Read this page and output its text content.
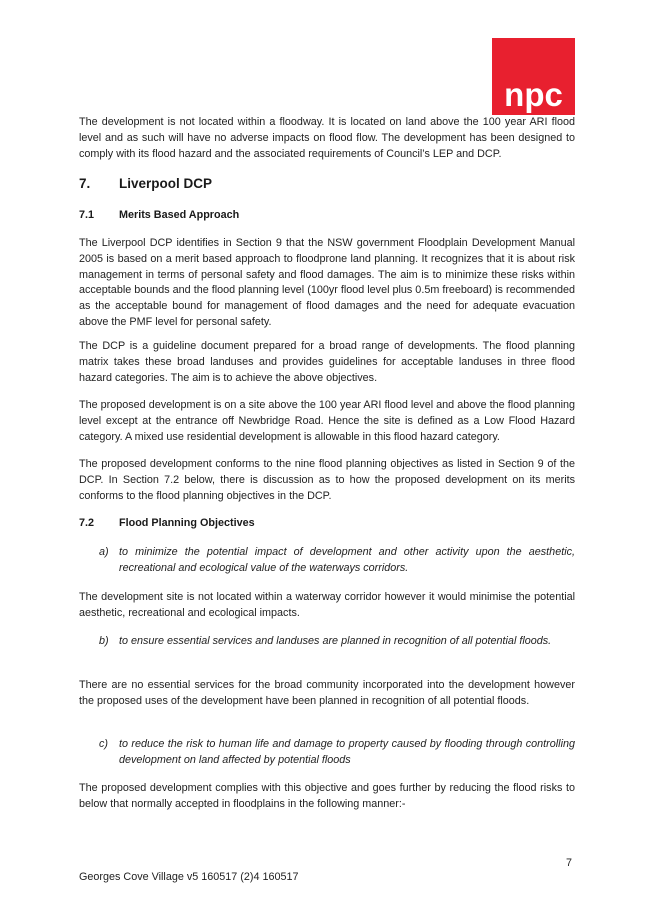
npc

The development is not located within a floodway. It is located on land above the 100 year ARI flood level and as such will have no adverse impacts on flood flow. The development has been designed to comply with its flood hazard and the associated requirements of Council’s LEP and DCP.

7. Liverpool DCP
7.1 Merits Based Approach

The Liverpool DCP identifies in Section 9 that the NSW government Floodplain Development Manual 2005 is based on a merit based approach to floodprone land planning. It recognizes that it is about risk management in terms of personal safety and flood damages. The aim is to minimize these risks within acceptable bounds and the flood planning level (100yr flood level plus 0.5m freeboard) is recommended as the acceptable bound for management of flood damages and the need for adequate evacuation above the PMF level for personal safety.

The DCP is a guideline document prepared for a broad range of developments. The flood planning matrix takes these broad landuses and provides guidelines for acceptable landuses in three flood hazard categories. The aim is to achieve the above objectives.

The proposed development is on a site above the 100 year ARI flood level and above the flood planning level except at the entrance off Newbridge Road. Hence the site is defined as a Low Flood Hazard category. A mixed use residential development is allowable in this flood hazard category.

The proposed development conforms to the nine flood planning objectives as listed in Section 9 of the DCP. In Section 7.2 below, there is discussion as to how the proposed development on its merits conforms to the flood planning objectives in the DCP.

7.2 Flood Planning Objectives
a) to minimize the potential impact of development and other activity upon the aesthetic, recreational and ecological value of the waterways corridors.

The development site is not located within a waterway corridor however it would minimise the potential aesthetic, recreational and ecological impacts.

b) to ensure essential services and landuses are planned in recognition of all potential floods.

There are no essential services for the broad community incorporated into the development however the proposed uses of the development have been planned in recognition of all potential floods.

c) to reduce the risk to human life and damage to property caused by flooding through controlling development on land affected by potential floods

The proposed development complies with this objective and goes further by reducing the flood risks to below that normally accepted in floodplains in the following manner:-

7
Georges Cove Village v5 160517 (2)4 160517
